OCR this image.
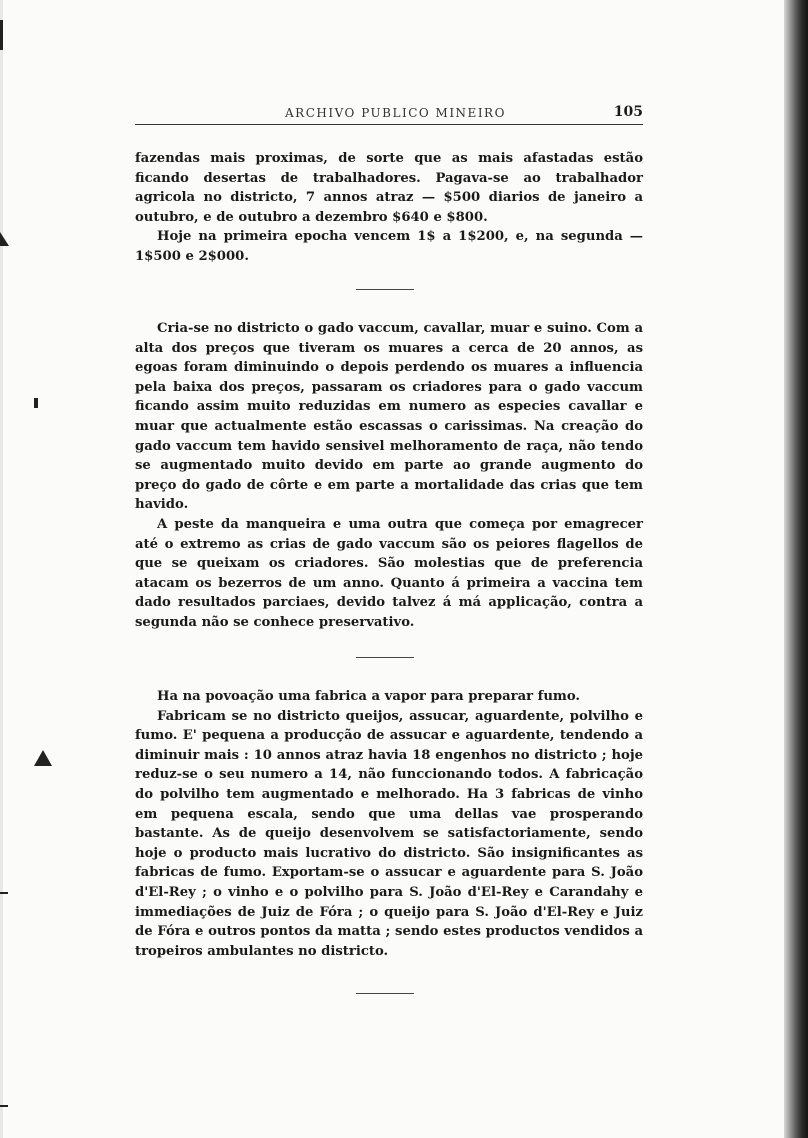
ARCHIVO PUBLICO MINEIRO	105

fazendas mais proximas, de sorte que as mais afastadas estão ficando desertas de trabalhadores. Pagava-se ao trabalhador agricola no districto, 7 annos atraz — $500 diarios de janeiro a outubro, e de outubro a dezembro $640 e $800.

Hoje na primeira epocha vencem 1$ a 1$200, e, na segunda — 1$500 e 2$000.

Cria-se no districto o gado vaccum, cavallar, muar e suino. Com a alta dos preços que tiveram os muares a cerca de 20 annos, as egoas foram diminuindo o depois perdendo os muares a influencia pela baixa dos preços, passaram os criadores para o gado vaccum ficando assim muito reduzidas em numero as especies cavallar e muar que actualmente estão escassas o carissimas. Na creação do gado vaccum tem havido sensivel melhoramento de raça, não tendo se augmentado muito devido em parte ao grande augmento do preço do gado de côrte e em parte a mortalidade das crias que tem havido.

A peste da manqueira e uma outra que começa por emagrecer até o extremo as crias de gado vaccum são os peiores flagellos de que se queixam os criadores. São molestias que de preferencia atacam os bezerros de um anno. Quanto á primeira a vaccina tem dado resultados parciaes, devido talvez á má applicação, contra a segunda não se conhece preservativo.

Ha na povoação uma fabrica a vapor para preparar fumo.

Fabricam se no districto queijos, assucar, aguardente, polvilho e fumo. E' pequena a producção de assucar e aguardente, tendendo a diminuir mais : 10 annos atraz havia 18 engenhos no districto ; hoje reduz-se o seu numero a 14, não funccionando todos. A fabricação do polvilho tem augmentado e melhorado. Ha 3 fabricas de vinho em pequena escala, sendo que uma dellas vae prosperando bastante. As de queijo desenvolvem se satisfactoriamente, sendo hoje o producto mais lucrativo do districto. São insignificantes as fabricas de fumo. Exportam-se o assucar e aguardente para S. João d'El-Rey ; o vinho e o polvilho para S. João d'El-Rey e Carandahy e immediações de Juiz de Fóra ; o queijo para S. João d'El-Rey e Juiz de Fóra e outros pontos da matta ; sendo estes productos vendidos a tropeiros ambulantes no districto.
